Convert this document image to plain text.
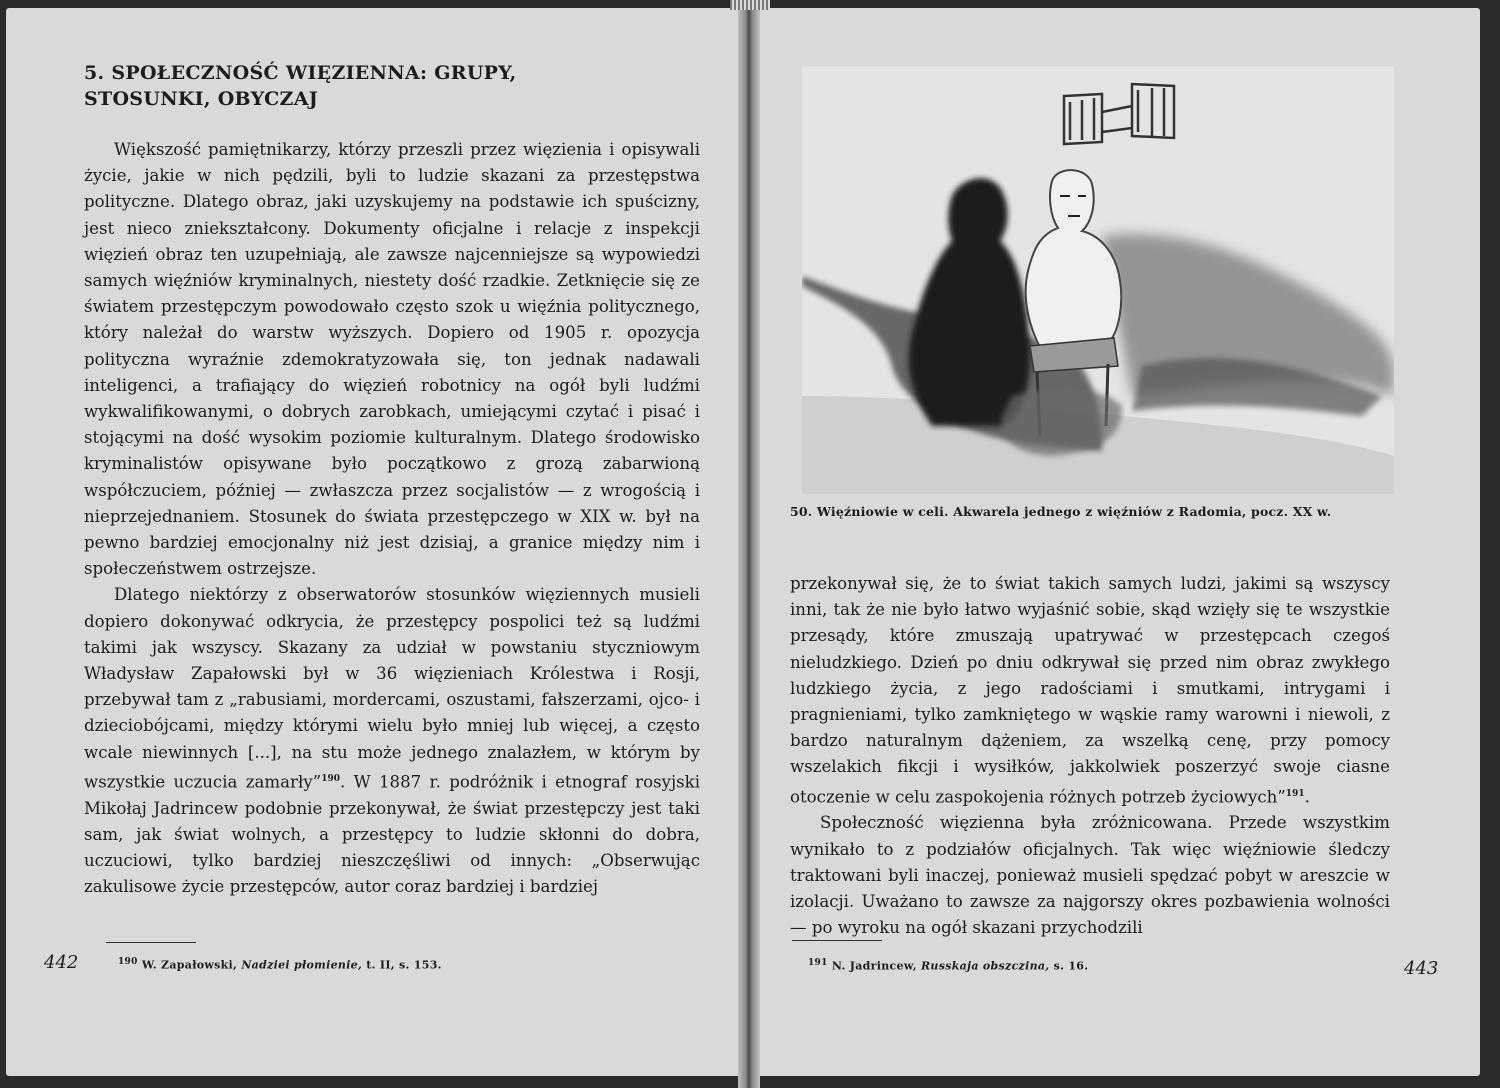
5. SPOŁECZNOŚĆ WIĘZIENNA: GRUPY, STOSUNKI, OBYCZAJ

Większość pamiętnikarzy, którzy przeszli przez więzienia i opisywali życie, jakie w nich pędzili, byli to ludzie skazani za przestępstwa polityczne. Dlatego obraz, jaki uzyskujemy na podstawie ich spuścizny, jest nieco zniekształcony. Dokumenty oficjalne i relacje z inspekcji więzień obraz ten uzupełniają, ale zawsze najcenniejsze są wypowiedzi samych więźniów kryminalnych, niestety dość rzadkie. Zetknięcie się ze światem przestępczym powodowało często szok u więźnia politycznego, który należał do warstw wyższych. Dopiero od 1905 r. opozycja polityczna wyraźnie zdemokratyzowała się, ton jednak nadawali inteligenci, a trafiający do więzień robotnicy na ogół byli ludźmi wykwalifikowanymi, o dobrych zarobkach, umiejącymi czytać i pisać i stojącymi na dość wysokim poziomie kulturalnym. Dlatego środowisko kryminalistów opisywane było początkowo z grozą zabarwioną współczuciem, później — zwłaszcza przez socjalistów — z wrogością i nieprzejednaniem. Stosunek do świata przestępczego w XIX w. był na pewno bardziej emocjonalny niż jest dzisiaj, a granice między nim i społeczeństwem ostrzejsze.

Dlatego niektórzy z obserwatorów stosunków więziennych musieli dopiero dokonywać odkrycia, że przestępcy pospolici też są ludźmi takimi jak wszyscy. Skazany za udział w powstaniu styczniowym Władysław Zapałowski był w 36 więzieniach Królestwa i Rosji, przebywał tam z „rabusiami, mordercami, oszustami, fałszerzami, ojco- i dzieciobójcami, między którymi wielu było mniej lub więcej, a często wcale niewinnych [...], na stu może jednego znalazłem, w którym by wszystkie uczucia zamarły”$^{190}$. W 1887 r. podróżnik i etnograf rosyjski Mikołaj Jadrincew podobnie przekonywał, że świat przestępczy jest taki sam, jak świat wolnych, a przestępcy to ludzie skłonni do dobra, uczuciowi, tylko bardziej nieszczęśliwi od innych: „Obserwując zakulisowe życie przestępców, autor coraz bardziej i bardziej

$^{190}$ W. Zapałowski, Nadziei płomienie, t. II, s. 153.
442
50. Więźniowie w celi. Akwarela jednego z więźniów z Radomia, pocz. XX w.

przekonywał się, że to świat takich samych ludzi, jakimi są wszyscy inni, tak że nie było łatwo wyjaśnić sobie, skąd wzięły się te wszystkie przesądy, które zmuszają upatrywać w przestępcach czegoś nieludzkiego. Dzień po dniu odkrywał się przed nim obraz zwykłego ludzkiego życia, z jego radościami i smutkami, intrygami i pragnieniami, tylko zamkniętego w wąskie ramy warowni i niewoli, z bardzo naturalnym dążeniem, za wszelką cenę, przy pomocy wszelakich fikcji i wysiłków, jakkolwiek poszerzyć swoje ciasne otoczenie w celu zaspokojenia różnych potrzeb życiowych”$^{191}$.

Społeczność więzienna była zróżnicowana. Przede wszystkim wynikało to z podziałów oficjalnych. Tak więc więźniowie śledczy traktowani byli inaczej, ponieważ musieli spędzać pobyt w areszcie w izolacji. Uważano to zawsze za najgorszy okres pozbawienia wolności — po wyroku na ogół skazani przychodzili

$^{191}$ N. Jadrincew, Russkaja obszczina, s. 16.	443
